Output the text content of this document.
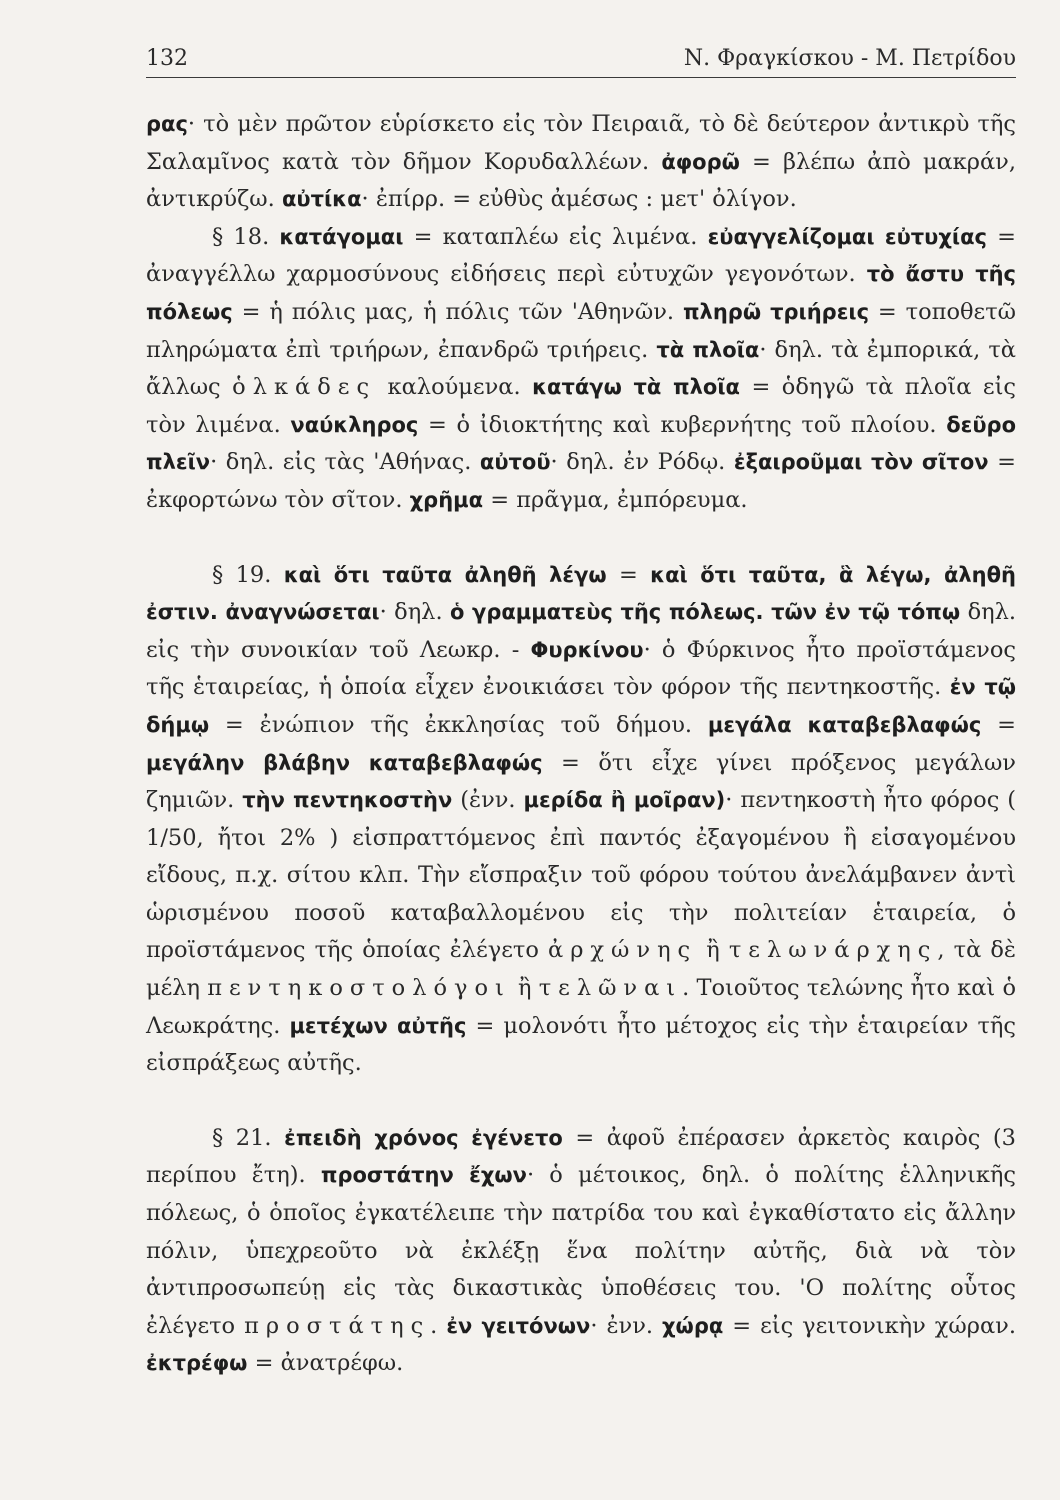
132	Ν. Φραγκίσκου - Μ. Πετρίδου

ρας· τὸ μὲν πρῶτον εὑρίσκετο εἰς τὸν Πειραιᾶ, τὸ δὲ δεύτερον ἀντικρὺ τῆς Σαλαμῖνος κατὰ τὸν δῆμον Κορυδαλλέων. ἀφορῶ = βλέπω ἀπὸ μακράν, ἀντικρύζω. αὐτίκα· ἐπίρρ. = εὐθὺς ἀμέσως : μετ' ὀλίγον.

§ 18. κατάγομαι = καταπλέω εἰς λιμένα. εὐαγγελίζομαι εὐτυχίας = ἀναγγέλλω χαρμοσύνους εἰδήσεις περὶ εὐτυχῶν γεγονότων. τὸ ἄστυ τῆς πόλεως = ἡ πόλις μας, ἡ πόλις τῶν 'Αθηνῶν. πληρῶ τριήρεις = τοποθετῶ πληρώματα ἐπὶ τριήρων, ἐπανδρῶ τριήρεις. τὰ πλοῖα· δηλ. τὰ ἐμπορικά, τὰ ἄλλως ὁλκάδες καλούμενα. κατάγω τὰ πλοῖα = ὁδηγῶ τὰ πλοῖα εἰς τὸν λιμένα. ναύκληρος = ὁ ἰδιοκτήτης καὶ κυβερνήτης τοῦ πλοίου. δεῦρο πλεῖν· δηλ. εἰς τὰς 'Αθήνας. αὐτοῦ· δηλ. ἐν Ρόδῳ. ἐξαιροῦμαι τὸν σῖτον = ἐκφορτώνω τὸν σῖτον. χρῆμα = πρᾶγμα, ἐμπόρευμα.

§ 19. καὶ ὅτι ταῦτα ἀληθῆ λέγω = καὶ ὅτι ταῦτα, ἃ λέγω, ἀληθῆ ἐστιν. ἀναγνώσεται· δηλ. ὁ γραμματεὺς τῆς πόλεως. τῶν ἐν τῷ τόπῳ δηλ. εἰς τὴν συνοικίαν τοῦ Λεωκρ. - Φυρκίνου· ὁ Φύρκινος ἦτο προϊστάμενος τῆς ἑταιρείας, ἡ ὁποία εἶχεν ἐνοικιάσει τὸν φόρον τῆς πεντηκοστῆς. ἐν τῷ δήμῳ = ἐνώπιον τῆς ἐκκλησίας τοῦ δήμου. μεγάλα καταβεβλαφώς = μεγάλην βλάβην καταβεβλαφώς = ὅτι εἶχε γίνει πρόξενος μεγάλων ζημιῶν. τὴν πεντηκοστὴν (ἐνν. μερίδα ἢ μοῖραν)· πεντηκοστὴ ἦτο φόρος ( 1/50, ἤτοι 2% ) εἰσπραττόμενος ἐπὶ παντός ἐξαγομένου ἢ εἰσαγομένου εἴδους, π.χ. σίτου κλπ. Τὴν εἴσπραξιν τοῦ φόρου τούτου ἀνελάμβανεν ἀντὶ ὡρισμένου ποσοῦ καταβαλλομένου εἰς τὴν πολιτείαν ἑταιρεία, ὁ προϊστάμενος τῆς ὁποίας ἐλέγετο ἀρχώνης ἢ τελωνάρχης, τὰ δὲ μέλη πεντηκοστολόγοι ἢ τελῶναι. Τοιοῦτος τελώνης ἦτο καὶ ὁ Λεωκράτης. μετέχων αὐτῆς = μολονότι ἦτο μέτοχος εἰς τὴν ἑταιρείαν τῆς εἰσπράξεως αὐτῆς.

§ 21. ἐπειδὴ χρόνος ἐγένετο = ἀφοῦ ἐπέρασεν ἀρκετὸς καιρὸς (3 περίπου ἔτη). προστάτην ἔχων· ὁ μέτοικος, δηλ. ὁ πολίτης ἑλληνικῆς πόλεως, ὁ ὁποῖος ἐγκατέλειπε τὴν πατρίδα του καὶ ἐγκαθίστατο εἰς ἄλλην πόλιν, ὑπεχρεοῦτο νὰ ἐκλέξῃ ἕνα πολίτην αὐτῆς, διὰ νὰ τὸν ἀντιπροσωπεύῃ εἰς τὰς δικαστικὰς ὑποθέσεις του. 'Ο πολίτης οὗτος ἐλέγετο προστάτης. ἐν γειτόνων· ἐνν. χώρᾳ = εἰς γειτονικὴν χώραν. ἐκτρέφω = ἀνατρέφω.
